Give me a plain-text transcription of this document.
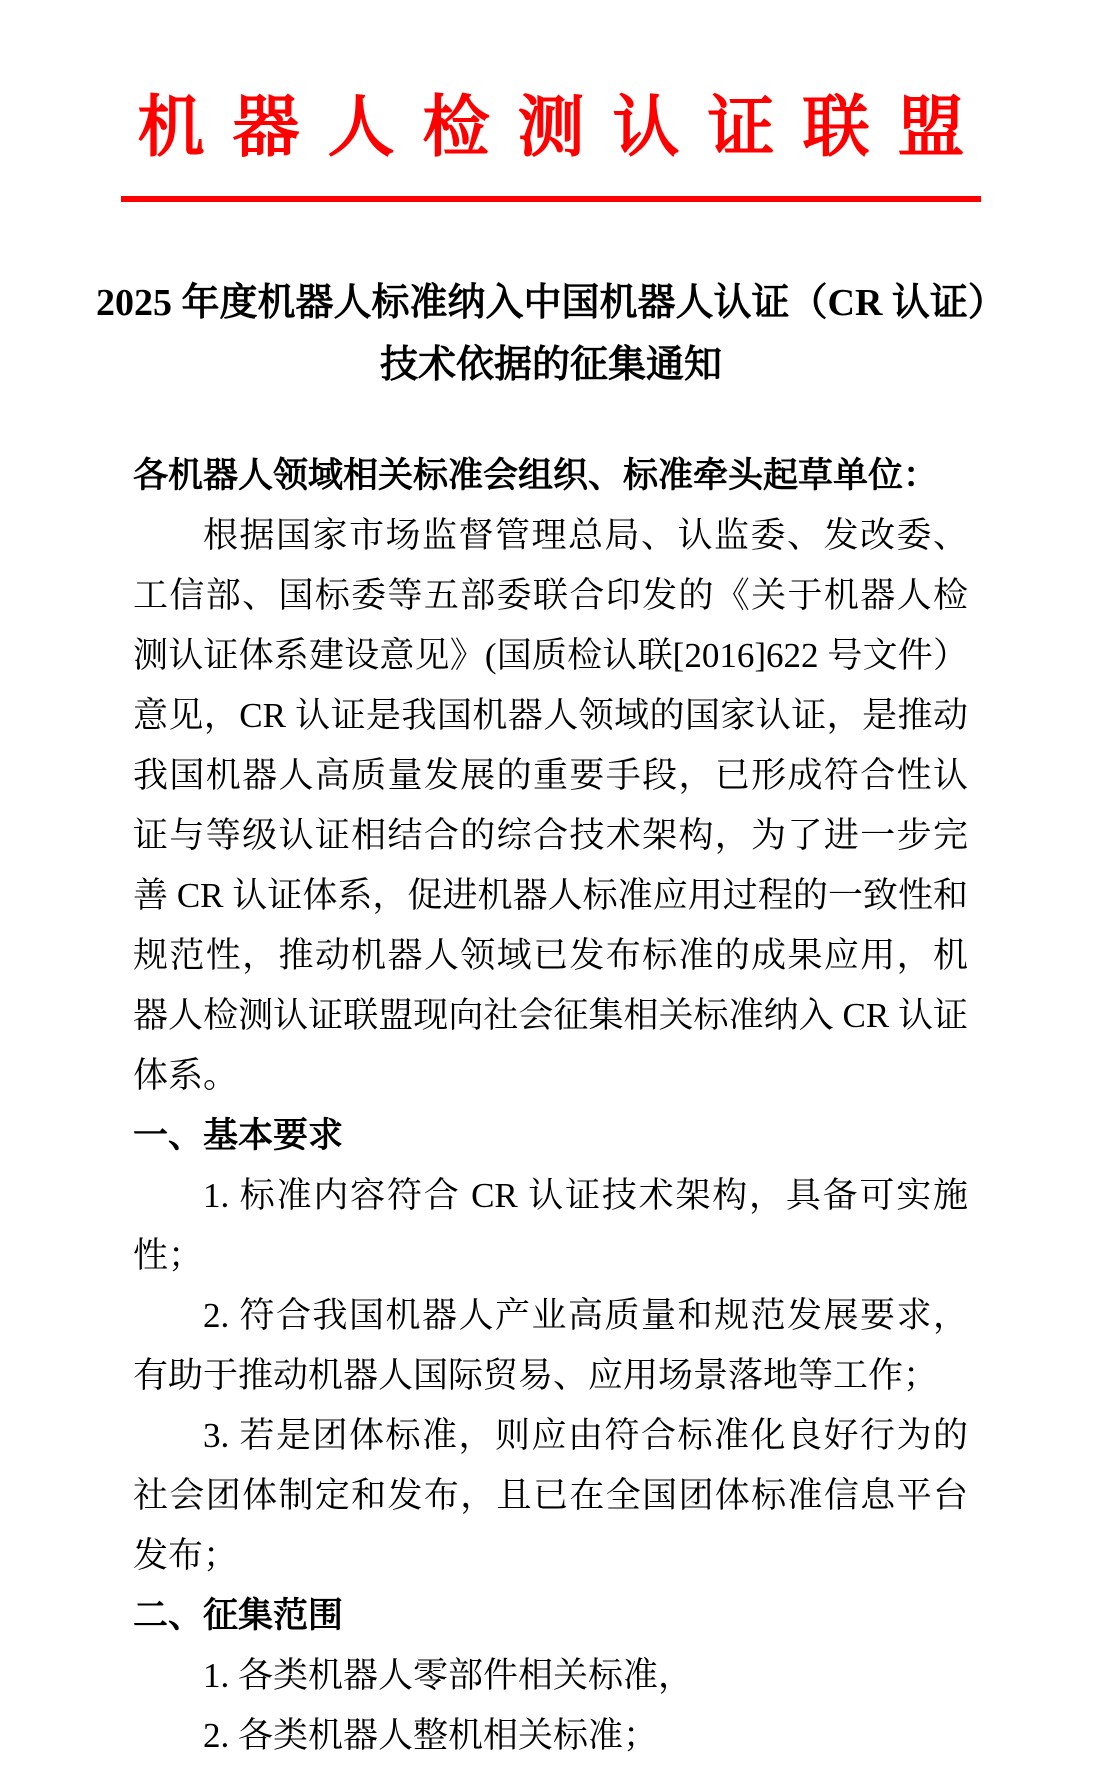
机器人检测认证联盟
2025 年度机器人标准纳入中国机器人认证（CR 认证）
技术依据的征集通知

各机器人领域相关标准会组织、标准牵头起草单位：

根据国家市场监督管理总局、认监委、发改委、工信部、国标委等五部委联合印发的《关于机器人检测认证体系建设意见》(国质检认联[2016]622 号文件）意见，CR 认证是我国机器人领域的国家认证，是推动我国机器人高质量发展的重要手段，已形成符合性认证与等级认证相结合的综合技术架构，为了进一步完善 CR 认证体系，促进机器人标准应用过程的一致性和规范性，推动机器人领域已发布标准的成果应用，机器人检测认证联盟现向社会征集相关标准纳入 CR 认证体系。

一、基本要求

1. 标准内容符合 CR 认证技术架构，具备可实施性；

2. 符合我国机器人产业高质量和规范发展要求，有助于推动机器人国际贸易、应用场景落地等工作；

3. 若是团体标准，则应由符合标准化良好行为的社会团体制定和发布，且已在全国团体标准信息平台发布；

二、征集范围

1. 各类机器人零部件相关标准，

2. 各类机器人整机相关标准；
